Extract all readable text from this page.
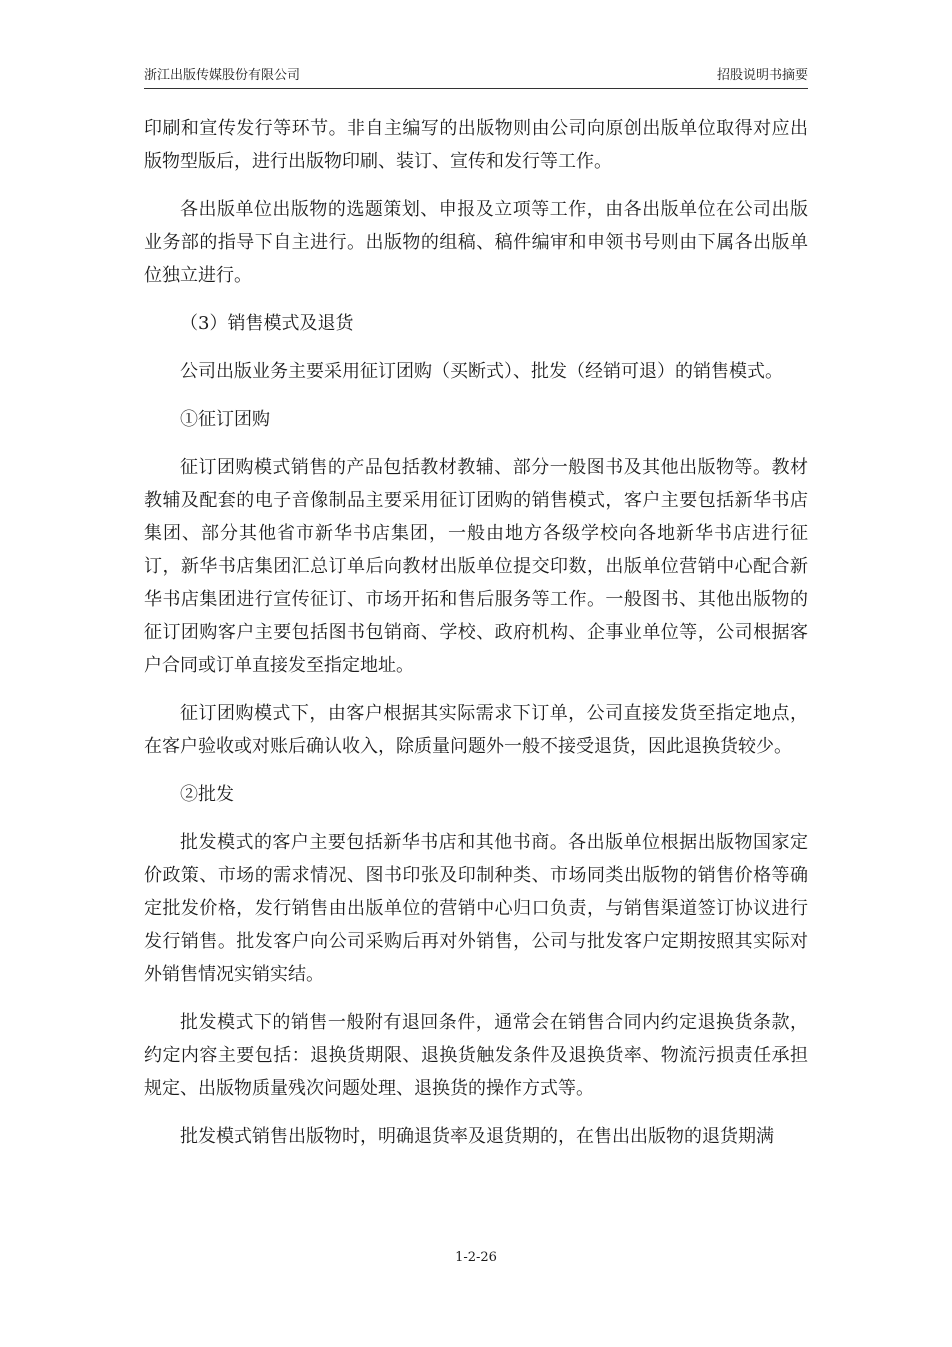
浙江出版传媒股份有限公司	招股说明书摘要

印刷和宣传发行等环节。非自主编写的出版物则由公司向原创出版单位取得对应出版物型版后，进行出版物印刷、装订、宣传和发行等工作。

各出版单位出版物的选题策划、申报及立项等工作，由各出版单位在公司出版业务部的指导下自主进行。出版物的组稿、稿件编审和申领书号则由下属各出版单位独立进行。

（3）销售模式及退货

公司出版业务主要采用征订团购（买断式）、批发（经销可退）的销售模式。

①征订团购

征订团购模式销售的产品包括教材教辅、部分一般图书及其他出版物等。教材教辅及配套的电子音像制品主要采用征订团购的销售模式，客户主要包括新华书店集团、部分其他省市新华书店集团，一般由地方各级学校向各地新华书店进行征订，新华书店集团汇总订单后向教材出版单位提交印数，出版单位营销中心配合新华书店集团进行宣传征订、市场开拓和售后服务等工作。一般图书、其他出版物的征订团购客户主要包括图书包销商、学校、政府机构、企事业单位等，公司根据客户合同或订单直接发至指定地址。

征订团购模式下，由客户根据其实际需求下订单，公司直接发货至指定地点，在客户验收或对账后确认收入，除质量问题外一般不接受退货，因此退换货较少。

②批发

批发模式的客户主要包括新华书店和其他书商。各出版单位根据出版物国家定价政策、市场的需求情况、图书印张及印制种类、市场同类出版物的销售价格等确定批发价格，发行销售由出版单位的营销中心归口负责，与销售渠道签订协议进行发行销售。批发客户向公司采购后再对外销售，公司与批发客户定期按照其实际对外销售情况实销实结。

批发模式下的销售一般附有退回条件，通常会在销售合同内约定退换货条款，约定内容主要包括：退换货期限、退换货触发条件及退换货率、物流污损责任承担规定、出版物质量残次问题处理、退换货的操作方式等。

批发模式销售出版物时，明确退货率及退货期的，在售出出版物的退货期满

1-2-26
